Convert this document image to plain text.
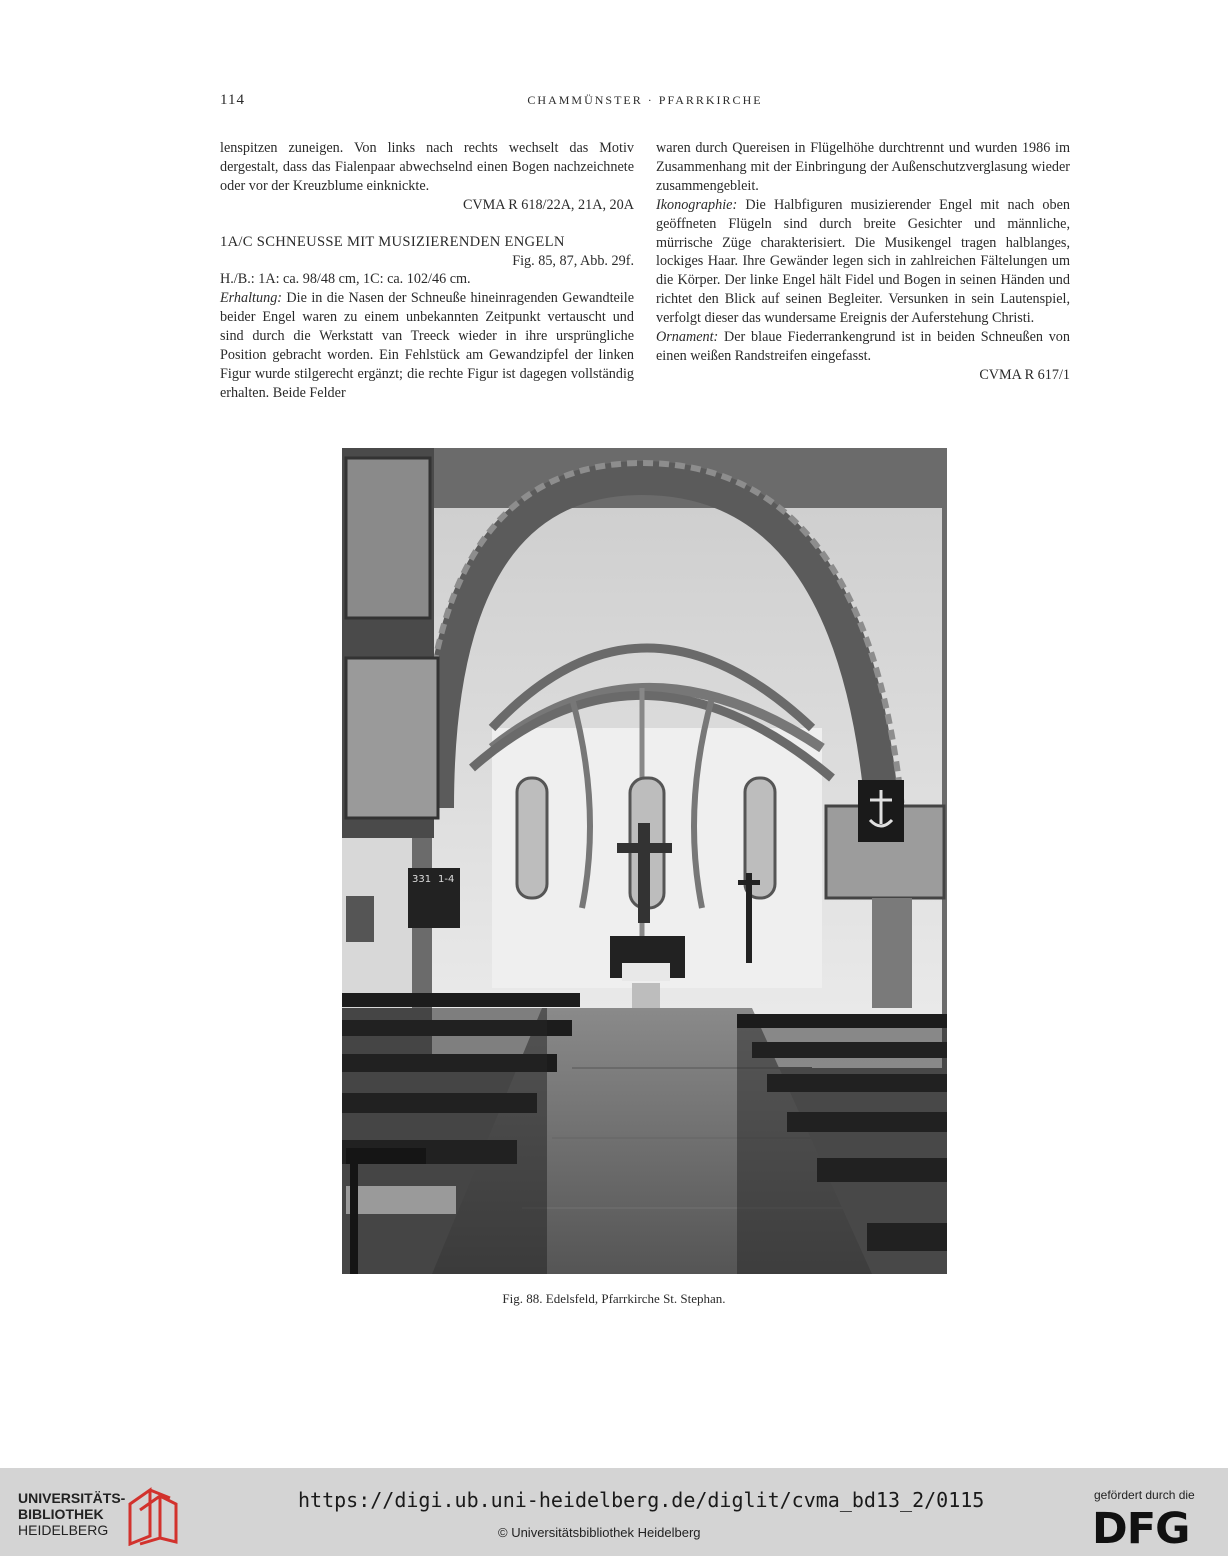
114	CHAMMÜNSTER · PFARRKIRCHE

lenspitzen zuneigen. Von links nach rechts wechselt das Motiv dergestalt, dass das Fialenpaar abwechselnd einen Bogen nachzeichnete oder vor der Kreuzblume einknickte.

CVMA R 618/22A, 21A, 20A

1A/C SCHNEUSSE MIT MUSIZIERENDEN ENGELN

Fig. 85, 87, Abb. 29f.

H./B.: 1A: ca. 98/48 cm, 1C: ca. 102/46 cm.

Erhaltung: Die in die Nasen der Schneuße hineinragenden Gewandteile beider Engel waren zu einem unbekannten Zeitpunkt vertauscht und sind durch die Werkstatt van Treeck wieder in ihre ursprüngliche Position gebracht worden. Ein Fehlstück am Gewandzipfel der linken Figur wurde stilgerecht ergänzt; die rechte Figur ist dagegen vollständig erhalten. Beide Felder

waren durch Quereisen in Flügelhöhe durchtrennt und wurden 1986 im Zusammenhang mit der Einbringung der Außenschutzverglasung wieder zusammengebleit.

Ikonographie: Die Halbfiguren musizierender Engel mit nach oben geöffneten Flügeln sind durch breite Gesichter und männliche, mürrische Züge charakterisiert. Die Musikengel tragen halblanges, lockiges Haar. Ihre Gewänder legen sich in zahlreichen Fältelungen um die Körper. Der linke Engel hält Fidel und Bogen in seinen Händen und richtet den Blick auf seinen Begleiter. Versunken in sein Lautenspiel, verfolgt dieser das wundersame Ereignis der Auferstehung Christi.

Ornament: Der blaue Fiederrankengrund ist in beiden Schneußen von einen weißen Randstreifen eingefasst.

CVMA R 617/1

331 1-4
Fig. 88. Edelsfeld, Pfarrkirche St. Stephan.
UNIVERSITÄTS-
BIBLIOTHEK
HEIDELBERG
https://digi.ub.uni-heidelberg.de/diglit/cvma_bd13_2/0115
© Universitätsbibliothek Heidelberg
gefördert durch die
DFG
